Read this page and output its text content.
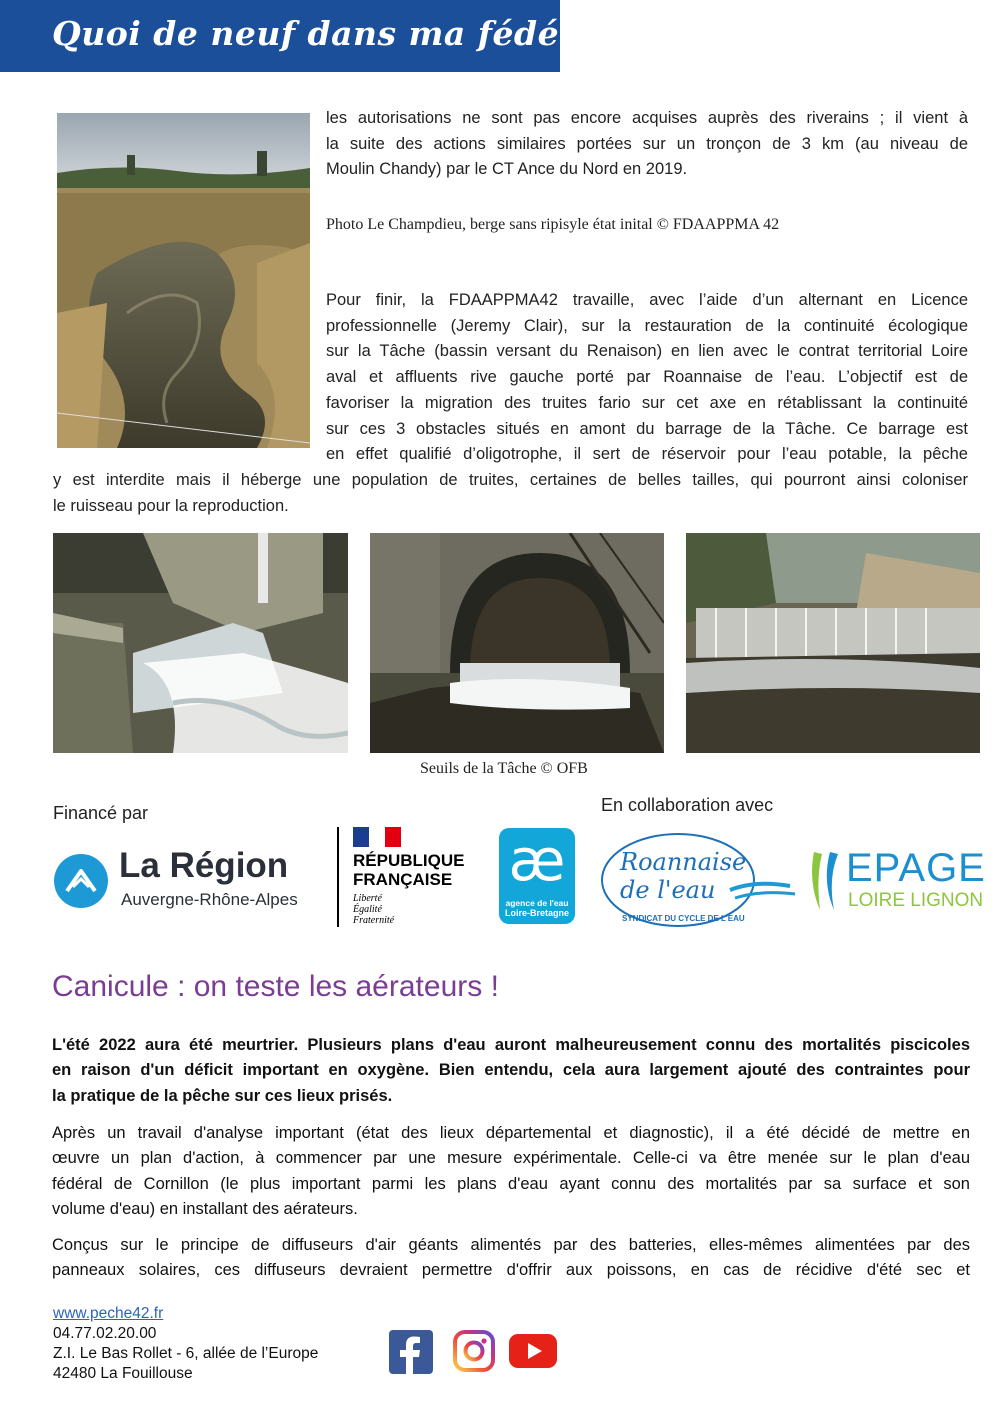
Quoi de neuf dans ma fédé ?
les autorisations ne sont pas encore acquises auprès des riverains ; il vient à
la suite des actions similaires portées sur un tronçon de 3 km (au niveau de
Moulin Chandy) par le CT Ance du Nord en 2019.
Photo Le Champdieu, berge sans ripisyle état inital © FDAAPPMA 42
Pour finir, la FDAAPPMA42 travaille, avec l’aide d’un alternant en Licence
professionnelle (Jeremy Clair), sur la restauration de la continuité écologique
sur la Tâche (bassin versant du Renaison) en lien avec le contrat territorial Loire
aval et affluents rive gauche porté par Roannaise de l’eau. L’objectif est de
favoriser la migration des truites fario sur cet axe en rétablissant la continuité
sur ces 3 obstacles situés en amont du barrage de la Tâche. Ce barrage est
en effet qualifié d’oligotrophe, il sert de réservoir pour l’eau potable, la pêche
y est interdite mais il héberge une population de truites, certaines de belles tailles, qui pourront ainsi coloniser
le ruisseau pour la reproduction.
Seuils de la Tâche © OFB
Financé par	En collaboration avec
La Région
Auvergne-Rhône-Alpes
RÉPUBLIQUE
FRANÇAISE
Liberté
Égalité
Fraternité
æ
agence de l'eau
Loire-Bretagne
Roannaise
de l'eau
SYNDICAT DU CYCLE DE L'EAU
EPAGE
LOIRE LIGNON
Canicule : on teste les aérateurs !
L'été 2022 aura été meurtrier. Plusieurs plans d'eau auront malheureusement connu des mortalités piscicoles
en raison d'un déficit important en oxygène. Bien entendu, cela aura largement ajouté des contraintes pour
la pratique de la pêche sur ces lieux prisés.
Après un travail d'analyse important (état des lieux départemental et diagnostic), il a été décidé de mettre en
œuvre un plan d'action, à commencer par une mesure expérimentale. Celle-ci va être menée sur le plan d'eau
fédéral de Cornillon (le plus important parmi les plans d'eau ayant connu des mortalités par sa surface et son
volume d'eau) en installant des aérateurs.
Conçus sur le principe de diffuseurs d'air géants alimentés par des batteries, elles-mêmes alimentées par des
panneaux solaires, ces diffuseurs devraient permettre d'offrir aux poissons, en cas de récidive d'été sec et
www.peche42.fr
04.77.02.20.00
Z.I. Le Bas Rollet - 6, allée de l’Europe
42480 La Fouillouse
